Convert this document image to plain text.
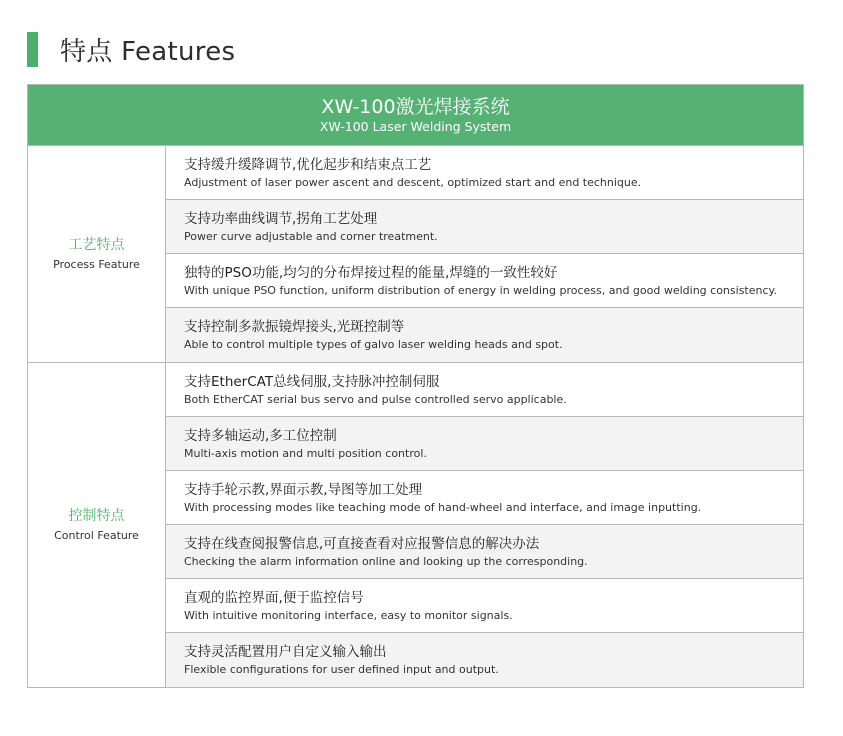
特点 Features
XW-100激光焊接系统
XW-100 Laser Welding System
工艺特点
Process Feature
支持缓升缓降调节,优化起步和结束点工艺
Adjustment of laser power ascent and descent, optimized start and end technique.
支持功率曲线调节,拐角工艺处理
Power curve adjustable and corner treatment.
独特的PSO功能,均匀的分布焊接过程的能量,焊缝的一致性较好
With unique PSO function, uniform distribution of energy in welding process, and good welding consistency.
支持控制多款振镜焊接头,光斑控制等
Able to control multiple types of galvo laser welding heads and spot.
控制特点
Control Feature
支持EtherCAT总线伺服,支持脉冲控制伺服
Both EtherCAT serial bus servo and pulse controlled servo applicable.
支持多轴运动,多工位控制
Multi-axis motion and multi position control.
支持手轮示教,界面示教,导图等加工处理
With processing modes like teaching mode of hand-wheel and interface, and image inputting.
支持在线查阅报警信息,可直接查看对应报警信息的解决办法
Checking the alarm information online and looking up the corresponding.
直观的监控界面,便于监控信号
With intuitive monitoring interface, easy to monitor signals.
支持灵活配置用户自定义输入输出
Flexible configurations for user defined input and output.
